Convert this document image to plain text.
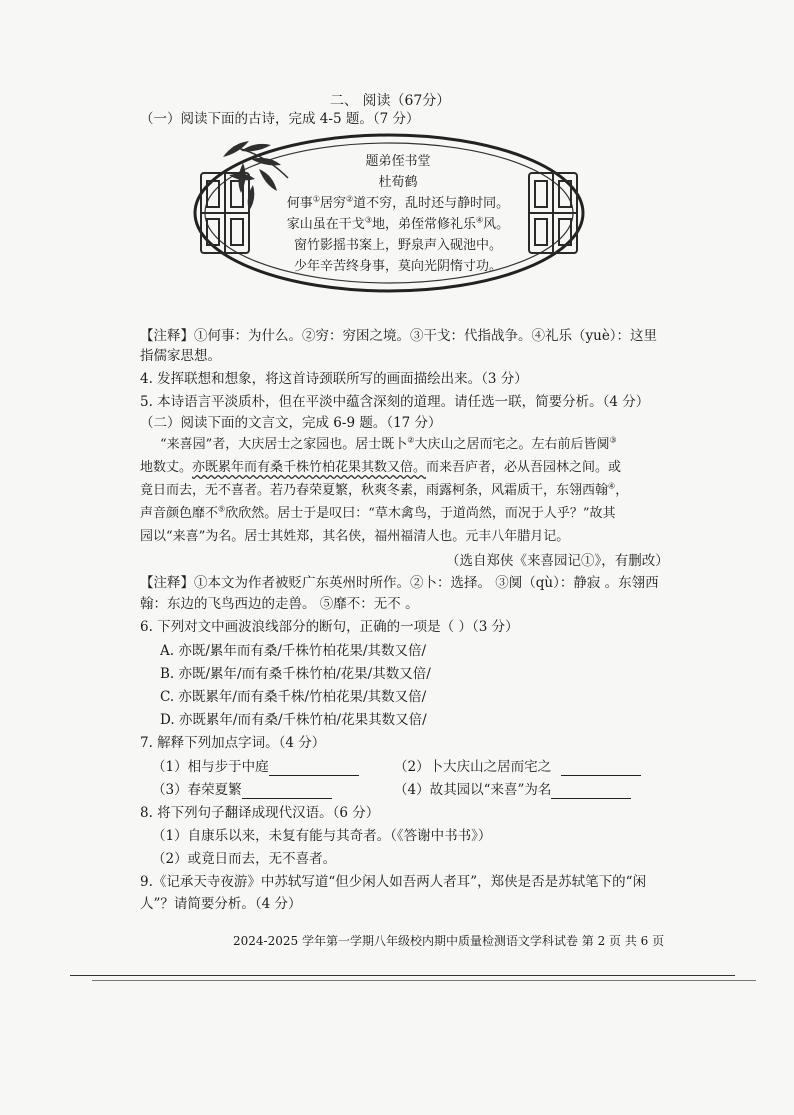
二、 阅读（67分）
（一）阅读下面的古诗，完成 4-5 题。（7 分）
题弟侄书堂
杜荀鹤
何事①居穷②道不穷，乱时还与静时同。
家山虽在干戈③地，弟侄常修礼乐④风。
窗竹影摇书案上，野泉声入砚池中。
少年辛苦终身事，莫向光阴惰寸功。
【注释】①何事：为什么。②穷：穷困之境。③干戈：代指战争。④礼乐（yuè）：这里
指儒家思想。
4. 发挥联想和想象，将这首诗颈联所写的画面描绘出来。（3 分）
5. 本诗语言平淡质朴，但在平淡中蕴含深刻的道理。请任选一联，简要分析。（4 分）
（二）阅读下面的文言文，完成 6-9 题。（17 分）
“来喜园”者，大庆居士之家园也。居士既卜②大庆山之居而宅之。左右前后皆阒③
地数丈。亦既累年而有桑千株竹柏花果其数又倍。而来吾庐者，必从吾园林之间。或
竟日而去，无不喜者。若乃春荣夏繁，秋爽冬素，雨露柯条，风霜质干，东翎西翰④，
声音颜色靡不⑤欣欣然。居士于是叹曰：“草木禽鸟，于道尚然，而况于人乎？”故其
园以“来喜”为名。居士其姓郑，其名侠，福州福清人也。元丰八年腊月记。
（选自郑侠《来喜园记①》，有删改）
【注释】①本文为作者被贬广东英州时所作。②卜：选择。 ③阒（qù）：静寂 。东翎西
翰：东边的飞鸟西边的走兽。 ⑤靡不：无不 。
6. 下列对文中画波浪线部分的断句，正确的一项是（ ）（3 分）
A. 亦既/累年而有桑/千株竹柏花果/其数又倍/
B. 亦既/累年/而有桑千株竹柏/花果/其数又倍/
C. 亦既累年/而有桑千株/竹柏花果/其数又倍/
D. 亦既累年/而有桑/千株竹柏/花果其数又倍/
7. 解释下列加点字词。（4 分）
（1）相与步于中庭	（2）卜大庆山之居而宅之
（3）春荣夏繁	（4）故其园以“来喜”为名
8. 将下列句子翻译成现代汉语。（6 分）
（1）自康乐以来，未复有能与其奇者。（《答谢中书书》）
（2）或竟日而去，无不喜者。
9.《记承天寺夜游》中苏轼写道“但少闲人如吾两人者耳”，郑侠是否是苏轼笔下的“闲
人”？请简要分析。（4 分）
2024-2025 学年第一学期八年级校内期中质量检测语文学科试卷 第 2 页 共 6 页
